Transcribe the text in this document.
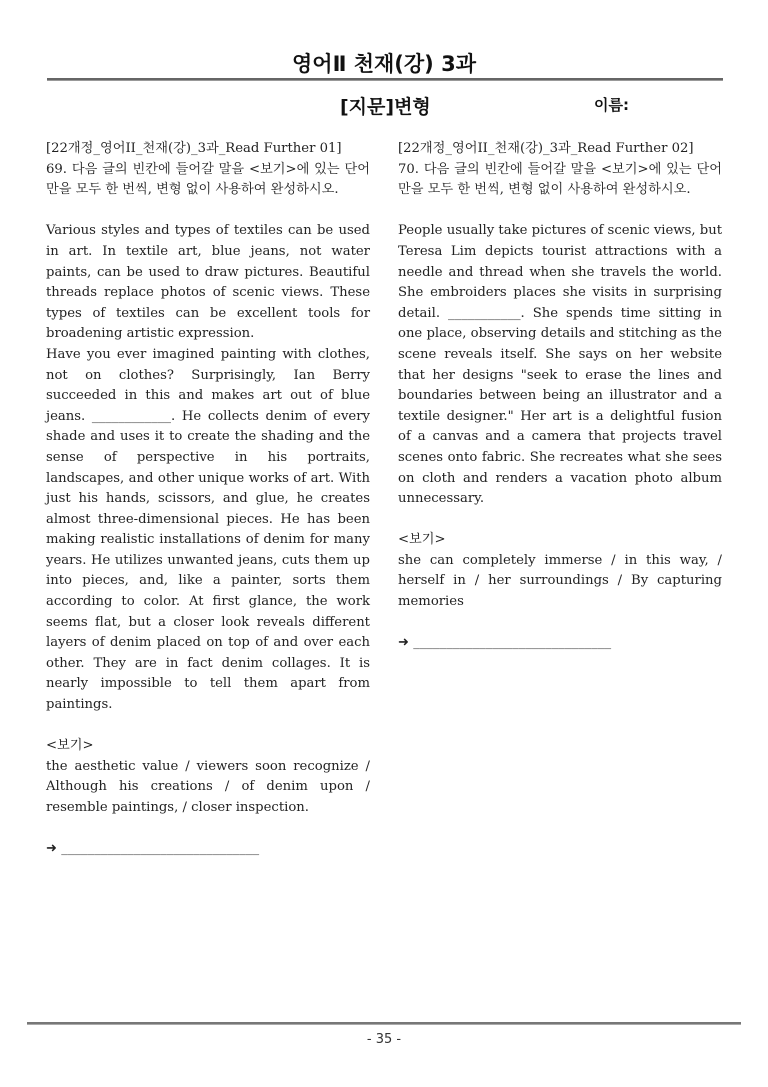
영어Ⅱ 천재(강) 3과
[지문]변형	이름:

[22개정_영어II_천재(강)_3과_Read Further 01]

69. 다음 글의 빈칸에 들어갈 말을 <보기>에 있는 단어만을 모두 한 번씩, 변형 없이 사용하여 완성하시오.

Various styles and types of textiles can be used in art. In textile art, blue jeans, not water paints, can be used to draw pictures. Beautiful threads replace photos of scenic views. These types of textiles can be excellent tools for broadening artistic expression.

Have you ever imagined painting with clothes, not on clothes? Surprisingly, Ian Berry succeeded in this and makes art out of blue jeans. ____________. He collects denim of every shade and uses it to create the shading and the sense of perspective in his portraits, landscapes, and other unique works of art. With just his hands, scissors, and glue, he creates almost three-dimensional pieces. He has been making realistic installations of denim for many years. He utilizes unwanted jeans, cuts them up into pieces, and, like a painter, sorts them according to color. At first glance, the work seems flat, but a closer look reveals different layers of denim placed on top of and over each other. They are in fact denim collages. It is nearly impossible to tell them apart from paintings.

<보기>

the aesthetic value / viewers soon recognize / Although his creations / of denim upon / resemble paintings, / closer inspection.

➜ ______________________________

[22개정_영어II_천재(강)_3과_Read Further 02]

70. 다음 글의 빈칸에 들어갈 말을 <보기>에 있는 단어만을 모두 한 번씩, 변형 없이 사용하여 완성하시오.

People usually take pictures of scenic views, but Teresa Lim depicts tourist attractions with a needle and thread when she travels the world. She embroiders places she visits in surprising detail. ___________. She spends time sitting in one place, observing details and stitching as the scene reveals itself. She says on her website that her designs "seek to erase the lines and boundaries between being an illustrator and a textile designer." Her art is a delightful fusion of a canvas and a camera that projects travel scenes onto fabric. She recreates what she sees on cloth and renders a vacation photo album unnecessary.

<보기>

she can completely immerse / in this way, / herself in / her surroundings / By capturing memories

➜ ______________________________

- 35 -
